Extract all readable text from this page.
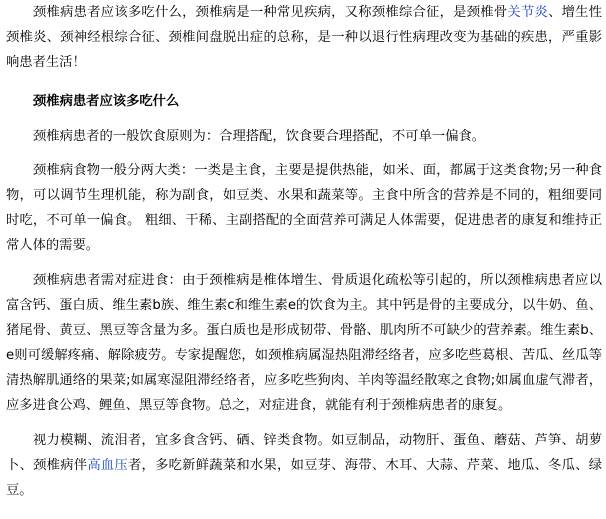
颈椎病患者应该多吃什么，颈椎病是一种常见疾病，又称颈椎综合征，是颈椎骨关节炎、增生性颈椎炎、颈神经根综合征、颈椎间盘脱出症的总称，是一种以退行性病理改变为基础的疾患，严重影响患者生活！

颈椎病患者应该多吃什么

颈椎病患者的一般饮食原则为：合理搭配，饮食要合理搭配，不可单一偏食。

颈椎病食物一般分两大类：一类是主食，主要是提供热能，如米、面，都属于这类食物;另一种食物，可以调节生理机能，称为副食，如豆类、水果和蔬菜等。主食中所含的营养是不同的，粗细要同时吃，不可单一偏食。 粗细、干稀、主副搭配的全面营养可满足人体需要，促进患者的康复和维持正常人体的需要。

颈椎病患者需对症进食：由于颈椎病是椎体增生、骨质退化疏松等引起的，所以颈椎病患者应以富含钙、蛋白质、维生素b族、维生素c和维生素e的饮食为主。其中钙是骨的主要成分，以牛奶、鱼、猪尾骨、黄豆、黑豆等含量为多。蛋白质也是形成韧带、骨骼、肌肉所不可缺少的营养素。维生素b、e则可缓解疼痛、解除疲劳。专家提醒您，如颈椎病属湿热阻滞经络者，应多吃些葛根、苦瓜、丝瓜等清热解肌通络的果菜;如属寒湿阻滞经络者，应多吃些狗肉、羊肉等温经散寒之食物;如属血虚气滞者，应多进食公鸡、鲤鱼、黑豆等食物。总之，对症进食，就能有利于颈椎病患者的康复。

视力模糊、流泪者，宜多食含钙、硒、锌类食物。如豆制品，动物肝、蛋鱼、蘑菇、芦笋、胡萝卜、颈椎病伴高血压者，多吃新鲜蔬菜和水果，如豆芽、海带、木耳、大蒜、芹菜、地瓜、冬瓜、绿豆。
